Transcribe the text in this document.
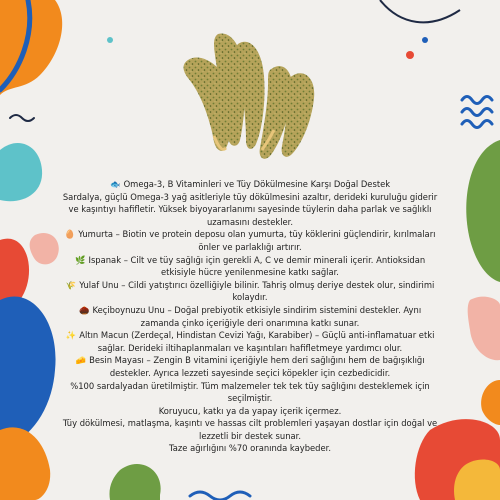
🐟 Omega-3, B Vitaminleri ve Tüy Dökülmesine Karşı Doğal Destek

Sardalya, güçlü Omega-3 yağ asitleriyle tüy dökülmesini azaltır, derideki kuruluğu giderir ve kaşıntıyı hafifletir. Yüksek biyoyararlanımı sayesinde tüylerin daha parlak ve sağlıklı uzamasını destekler.

🥚 Yumurta – Biotin ve protein deposu olan yumurta, tüy köklerini güçlendirir, kırılmaları önler ve parlaklığı artırır.

🌿 Ispanak – Cilt ve tüy sağlığı için gerekli A, C ve demir minerali içerir. Antioksidan etkisiyle hücre yenilenmesine katkı sağlar.

🌾 Yulaf Unu – Cildi yatıştırıcı özelliğiyle bilinir. Tahriş olmuş deriye destek olur, sindirimi kolaydır.

🌰 Keçiboynuzu Unu – Doğal prebiyotik etkisiyle sindirim sistemini destekler. Aynı zamanda çinko içeriğiyle deri onarımına katkı sunar.

✨ Altın Macun (Zerdeçal, Hindistan Cevizi Yağı, Karabiber) – Güçlü anti-inflamatuar etki sağlar. Derideki iltihaplanmaları ve kaşıntıları hafifletmeye yardımcı olur.

🧀 Besin Mayası – Zengin B vitamini içeriğiyle hem deri sağlığını hem de bağışıklığı destekler. Ayrıca lezzeti sayesinde seçici köpekler için cezbedicidir.

%100 sardalyadan üretilmiştir. Tüm malzemeler tek tek tüy sağlığını desteklemek için seçilmiştir.

Koruyucu, katkı ya da yapay içerik içermez.

Tüy dökülmesi, matlaşma, kaşıntı ve hassas cilt problemleri yaşayan dostlar için doğal ve lezzetli bir destek sunar.

Taze ağırlığını %70 oranında kaybeder.
